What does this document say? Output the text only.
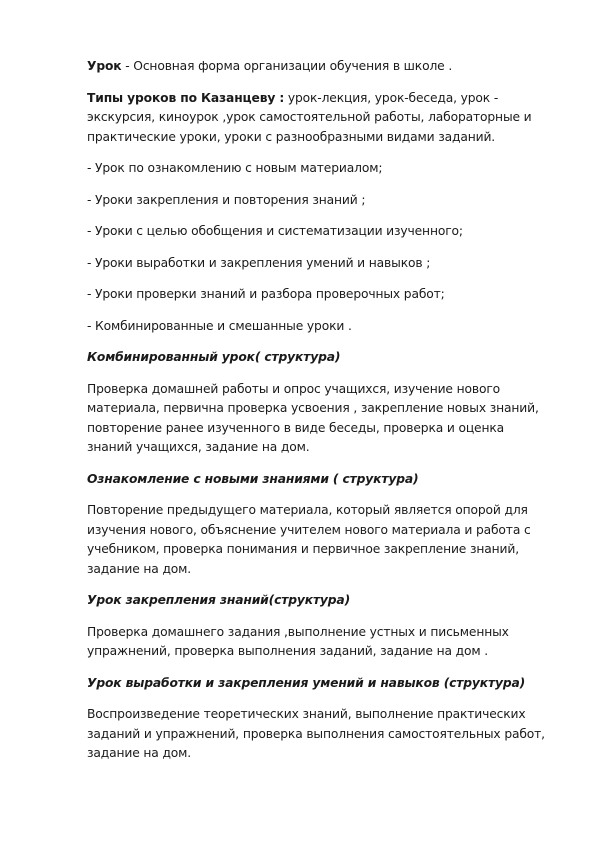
Урок - Основная форма организации обучения в школе .

Типы уроков по Казанцеву : урок-лекция, урок-беседа, урок - экскурсия, киноурок ,урок самостоятельной работы, лабораторные и практические уроки, уроки с разнообразными видами заданий.

- Урок по ознакомлению с новым материалом;

- Уроки закрепления и повторения знаний ;

- Уроки с целью обобщения и систематизации изученного;

- Уроки выработки и закрепления умений и навыков ;

- Уроки проверки знаний и разбора проверочных работ;

- Комбинированные и смешанные уроки .

Комбинированный урок( структура)

Проверка домашней работы и опрос учащихся, изучение нового материала, первична проверка усвоения , закрепление новых знаний, повторение ранее изученного в виде беседы, проверка и оценка знаний учащихся, задание на дом.

Ознакомление с новыми знаниями ( структура)

Повторение предыдущего материала, который является опорой для изучения нового, объяснение учителем нового материала и работа с учебником, проверка понимания и первичное закрепление знаний, задание на дом.

Урок закрепления знаний(структура)

Проверка домашнего задания ,выполнение устных и письменных упражнений, проверка выполнения заданий, задание на дом .

Урок выработки и закрепления умений и навыков (структура)

Воспроизведение теоретических знаний, выполнение практических заданий и упражнений, проверка выполнения самостоятельных работ, задание на дом.
